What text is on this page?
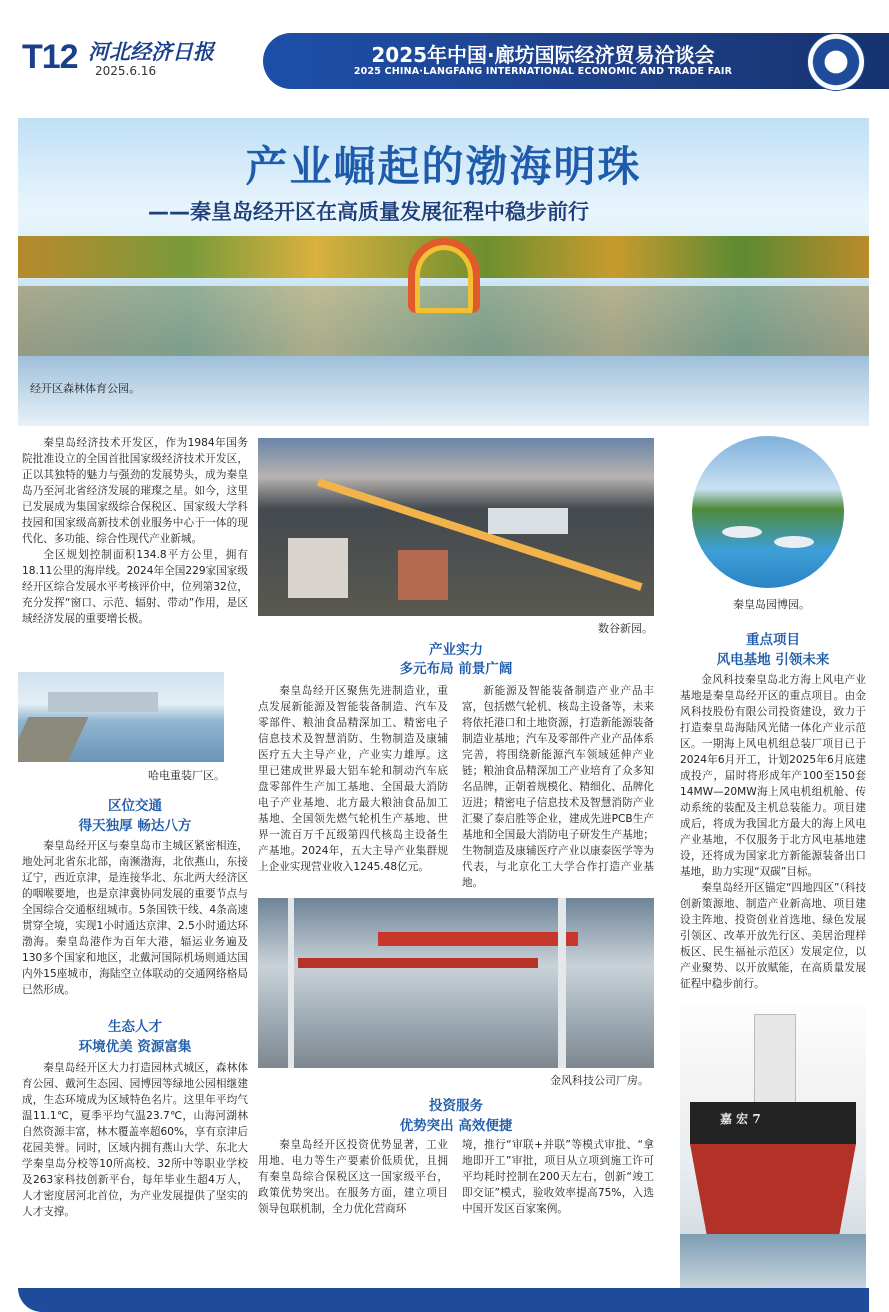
T12 河北经济日报
2025.6.16
2025年中国·廊坊国际经济贸易洽谈会
2025 CHINA·LANGFANG INTERNATIONAL ECONOMIC AND TRADE FAIR
产业崛起的渤海明珠
——秦皇岛经开区在高质量发展征程中稳步前行
经开区森林体育公园。

秦皇岛经济技术开发区，作为1984年国务院批准设立的全国首批国家级经济技术开发区，正以其独特的魅力与强劲的发展势头，成为秦皇岛乃至河北省经济发展的璀璨之星。如今，这里已发展成为集国家级综合保税区、国家级大学科技园和国家级高新技术创业服务中心于一体的现代化、多功能、综合性现代产业新城。

全区规划控制面积134.8平方公里，拥有18.11公里的海岸线。2024年全国229家国家级经开区综合发展水平考核评价中，位列第32位，充分发挥“窗口、示范、辐射、带动”作用，是区域经济发展的重要增长极。

哈电重装厂区。
区位交通
得天独厚 畅达八方

秦皇岛经开区与秦皇岛市主城区紧密相连，地处河北省东北部，南濒渤海，北依燕山，东接辽宁，西近京津，是连接华北、东北两大经济区的咽喉要地，也是京津冀协同发展的重要节点与全国综合交通枢纽城市。5条国铁干线、4条高速贯穿全境，实现1小时通达京津、2.5小时通达环渤海。秦皇岛港作为百年大港，辐运业务遍及130多个国家和地区，北戴河国际机场则通达国内外15座城市，海陆空立体联动的交通网络格局已然形成。

生态人才
环境优美 资源富集

秦皇岛经开区大力打造园林式城区，森林体育公园、戴河生态园、园博园等绿地公园相继建成，生态环境成为区域特色名片。这里年平均气温11.1℃，夏季平均气温23.7℃，山海河湖林自然资源丰富，林木覆盖率超60%，享有京津后花园美誉。同时，区域内拥有燕山大学、东北大学秦皇岛分校等10所高校、32所中等职业学校及263家科技创新平台，每年毕业生超4万人，人才密度居河北首位，为产业发展提供了坚实的人才支撑。

数谷新园。
产业实力
多元布局 前景广阔

秦皇岛经开区聚焦先进制造业，重点发展新能源及智能装备制造、汽车及零部件、粮油食品精深加工、精密电子信息技术及智慧消防、生物制造及康辅医疗五大主导产业，产业实力雄厚。这里已建成世界最大铝车轮和制动汽车底盘零部件生产加工基地、全国最大消防电子产业基地、北方最大粮油食品加工基地、全国领先燃气轮机生产基地、世界一流百万千瓦级第四代核岛主设备生产基地。2024年，五大主导产业集群规上企业实现营业收入1245.48亿元。

新能源及智能装备制造产业产品丰富，包括燃气轮机、核岛主设备等，未来将依托港口和土地资源，打造新能源装备制造业基地；汽车及零部件产业产品体系完善，将围绕新能源汽车领域延伸产业链；粮油食品精深加工产业培育了众多知名品牌，正朝着规模化、精细化、品牌化迈进；精密电子信息技术及智慧消防产业汇聚了泰启胜等企业，建成先进PCB生产基地和全国最大消防电子研发生产基地；生物制造及康辅医疗产业以康泰医学等为代表，与北京化工大学合作打造产业基地。

金风科技公司厂房。
投资服务
优势突出 高效便捷

秦皇岛经开区投资优势显著，工业用地、电力等生产要素价低质优，且拥有秦皇岛综合保税区这一国家级平台，政策优势突出。在服务方面，建立项目领导包联机制，全力优化营商环

境，推行“审联+并联”等模式审批、“拿地即开工”审批，项目从立项到施工许可平均耗时控制在200天左右，创新“竣工即交证”模式，验收效率提高75%，入选中国开发区百家案例。

秦皇岛园博园。
重点项目
风电基地 引领未来

金风科技秦皇岛北方海上风电产业基地是秦皇岛经开区的重点项目。由金风科技股份有限公司投资建设，致力于打造秦皇岛海陆风光储一体化产业示范区。一期海上风电机组总装厂项目已于2024年6月开工，计划2025年6月底建成投产，届时将形成年产100至150套14MW—20MW海上风电机组机舱、传动系统的装配及主机总装能力。项目建成后，将成为我国北方最大的海上风电产业基地，不仅服务于北方风电基地建设，还将成为国家北方新能源装备出口基地，助力实现“双碳”目标。

秦皇岛经开区锚定“四地四区”（科技创新策源地、制造产业新高地、项目建设主阵地、投资创业首选地、绿色发展引领区、改革开放先行区、美居治理样板区、民生福祉示范区）发展定位，以产业聚势、以开放赋能，在高质量发展征程中稳步前行。

嘉 宏 7
